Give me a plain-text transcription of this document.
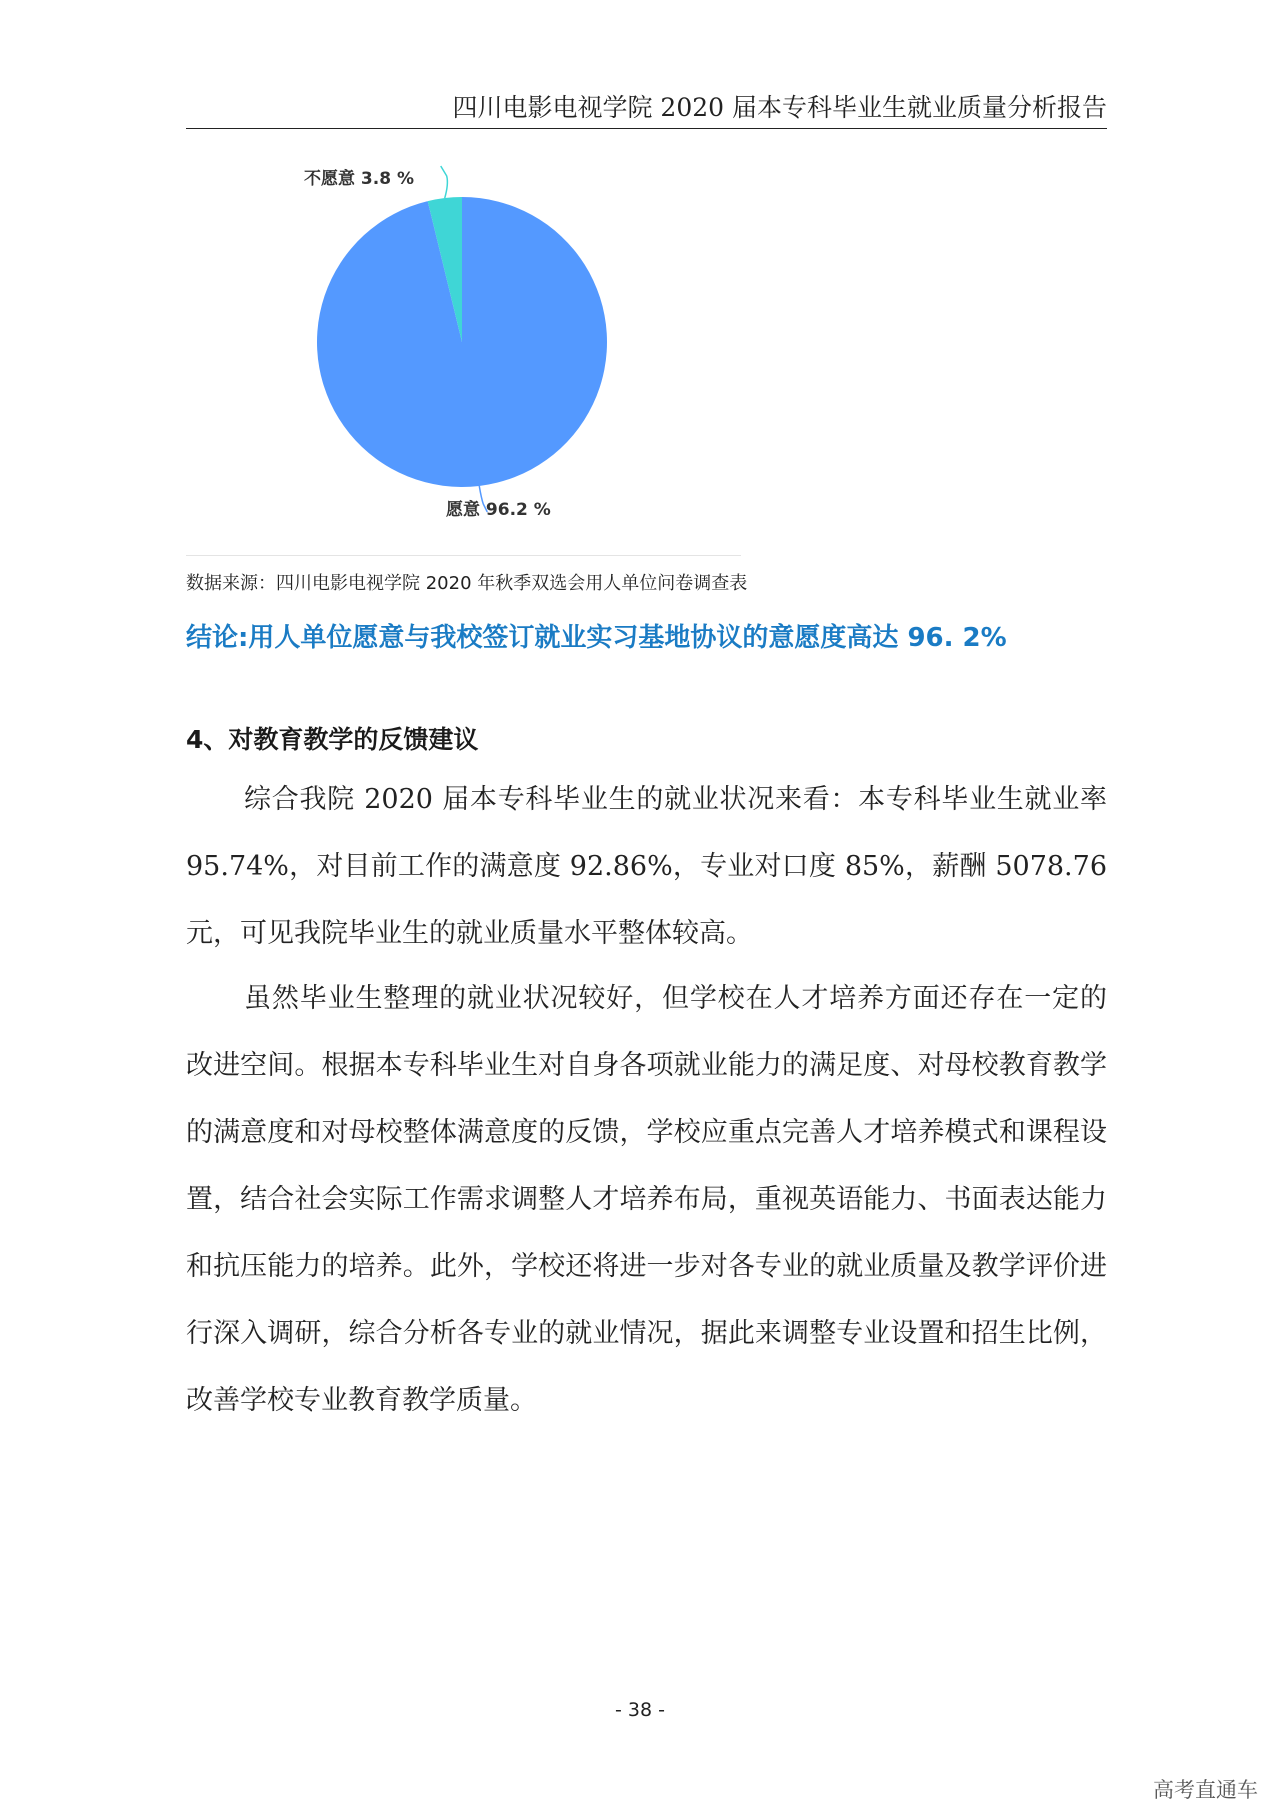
四川电影电视学院 2020 届本专科毕业生就业质量分析报告
不愿意 3.8 %
愿意 96.2 %
数据来源：四川电影电视学院 2020 年秋季双选会用人单位问卷调查表
结论:用人单位愿意与我校签订就业实习基地协议的意愿度高达 96. 2%
4、对教育教学的反馈建议

综合我院 2020 届本专科毕业生的就业状况来看：本专科毕业生就业率 95.74%，对目前工作的满意度 92.86%，专业对口度 85%，薪酬 5078.76 元，可见我院毕业生的就业质量水平整体较高。

虽然毕业生整理的就业状况较好，但学校在人才培养方面还存在一定的改进空间。根据本专科毕业生对自身各项就业能力的满足度、对母校教育教学的满意度和对母校整体满意度的反馈，学校应重点完善人才培养模式和课程设置，结合社会实际工作需求调整人才培养布局，重视英语能力、书面表达能力和抗压能力的培养。此外，学校还将进一步对各专业的就业质量及教学评价进行深入调研，综合分析各专业的就业情况，据此来调整专业设置和招生比例，改善学校专业教育教学质量。

- 38 -
高考直通车
